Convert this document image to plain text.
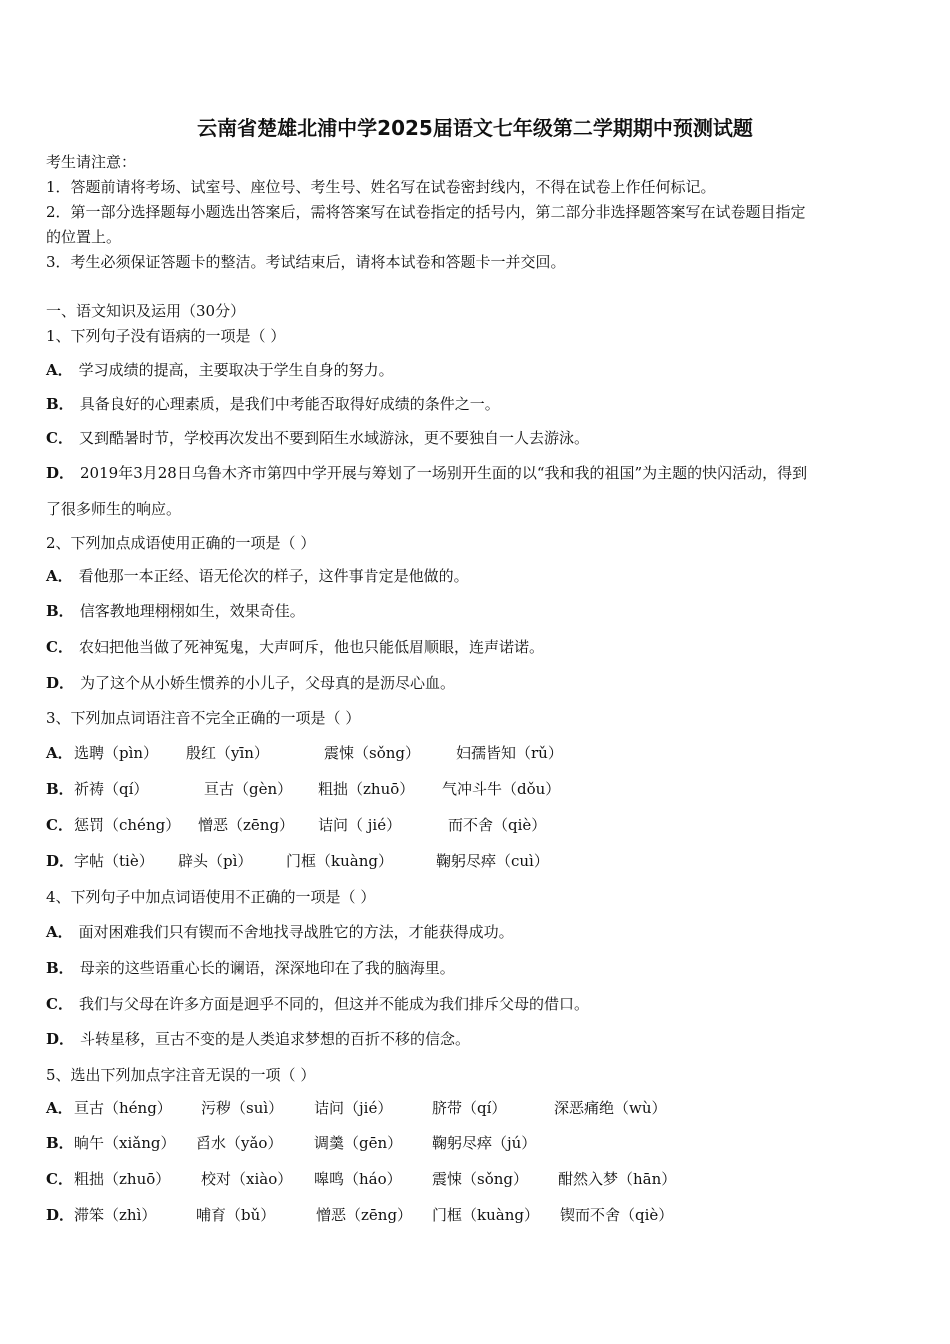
云南省楚雄北浦中学2025届语文七年级第二学期期中预测试题
考生请注意：
1．答题前请将考场、试室号、座位号、考生号、姓名写在试卷密封线内，不得在试卷上作任何标记。
2．第一部分选择题每小题选出答案后，需将答案写在试卷指定的括号内，第二部分非选择题答案写在试卷题目指定
的位置上。
3．考生必须保证答题卡的整洁。考试结束后，请将本试卷和答题卡一并交回。
一、语文知识及运用（30分）
1、下列句子没有语病的一项是（ ）
A． 学习成绩的提高，主要取决于学生自身的努力。
B． 具备良好的心理素质，是我们中考能否取得好成绩的条件之一。
C． 又到酷暑时节，学校再次发出不要到陌生水域游泳，更不要独自一人去游泳。
D． 2019年3月28日乌鲁木齐市第四中学开展与筹划了一场别开生面的以“我和我的祖国”为主题的快闪活动，得到
了很多师生的响应。
2、下列加点成语使用正确的一项是（ ）
A． 看他那一本正经、语无伦次的样子，这件事肯定是他做的。
B． 信客教地理栩栩如生，效果奇佳。
C． 农妇把他当做了死神冤鬼，大声呵斥，他也只能低眉顺眼，连声诺诺。
D． 为了这个从小娇生惯养的小儿子，父母真的是沥尽心血。
3、下列加点词语注音不完全正确的一项是（ ）
A． 选聘（pìn） 殷红（yīn）	震悚（sǒng） 妇孺皆知（rǔ）
B． 祈祷（qí）	亘古（gèn） 粗拙（zhuō） 气冲斗牛（dǒu）
C． 惩罚（chéng） 憎恶（zēng） 诘问（ jié）	而不舍（qiè）
D． 字帖（tiè） 辟头（pì） 门框（kuàng）	鞠躬尽瘁（cuì）
4、下列句子中加点词语使用不正确的一项是（ ）
A． 面对困难我们只有锲而不舍地找寻战胜它的方法，才能获得成功。
B． 母亲的这些语重心长的谰语，深深地印在了我的脑海里。
C． 我们与父母在许多方面是迥乎不同的，但这并不能成为我们排斥父母的借口。
D． 斗转星移，亘古不变的是人类追求梦想的百折不移的信念。
5、选出下列加点字注音无误的一项（ ）
A． 亘古（héng） 污秽（suì） 诘问（jié）	脐带（qí）	深恶痛绝（wù）
B． 晌午（xiǎng） 舀水（yǎo） 调羹（gēn） 鞠躬尽瘁（jú）
C． 粗拙（zhuō） 校对（xiào） 嗥鸣（háo） 震悚（sǒng） 酣然入梦（hān）
D． 滞笨（zhì）	哺育（bǔ）	憎恶（zēng） 门框（kuàng） 锲而不舍（qiè）
